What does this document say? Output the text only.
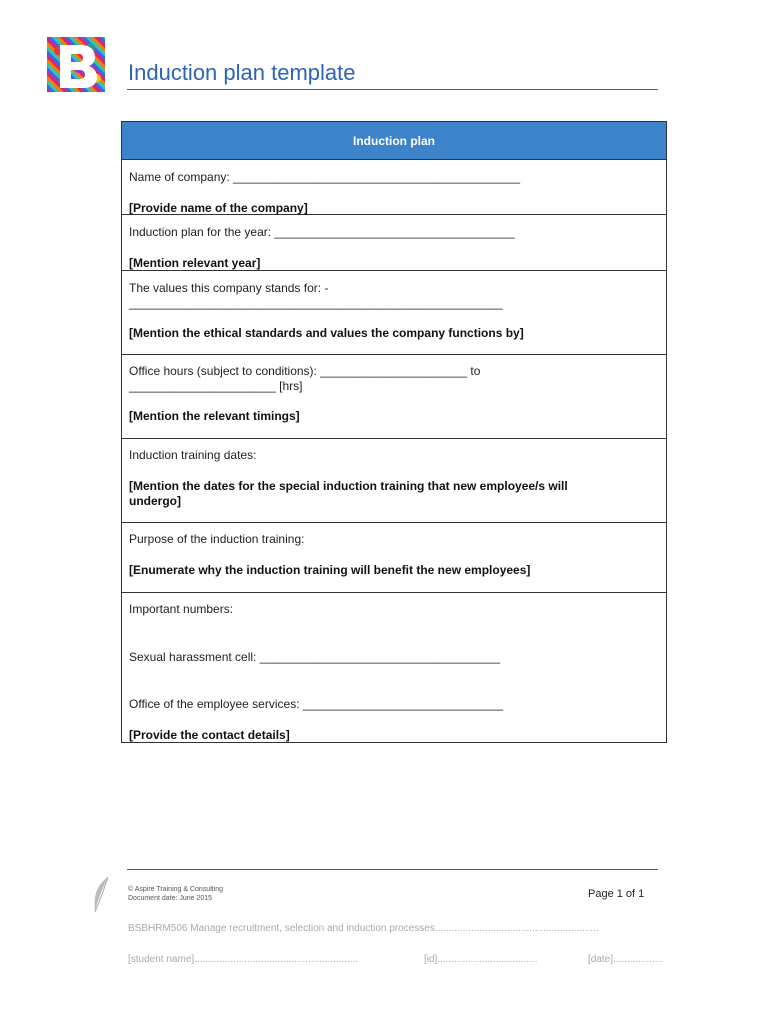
Induction plan template
Induction plan
Name of company: ___________________________________________
[Provide name of the company]
Induction plan for the year: ____________________________________
[Mention relevant year]
The values this company stands for: -
________________________________________________________
[Mention the ethical standards and values the company functions by]
Office hours (subject to conditions): ______________________ to
______________________ [hrs]
[Mention the relevant timings]
Induction training dates:
[Mention the dates for the special induction training that new employee/s will undergo]
Purpose of the induction training:
[Enumerate why the induction training will benefit the new employees]
Important numbers:
Sexual harassment cell: ____________________________________
Office of the employee services: ______________________________
[Provide the contact details]
© Aspire Training & Consulting
Document date: June 2015	Page 1 of 1
BSBHRM506 Manage recruitment, selection and induction processes...........................................................
[student name]...........................................................	[id]....................................	[date]..................
